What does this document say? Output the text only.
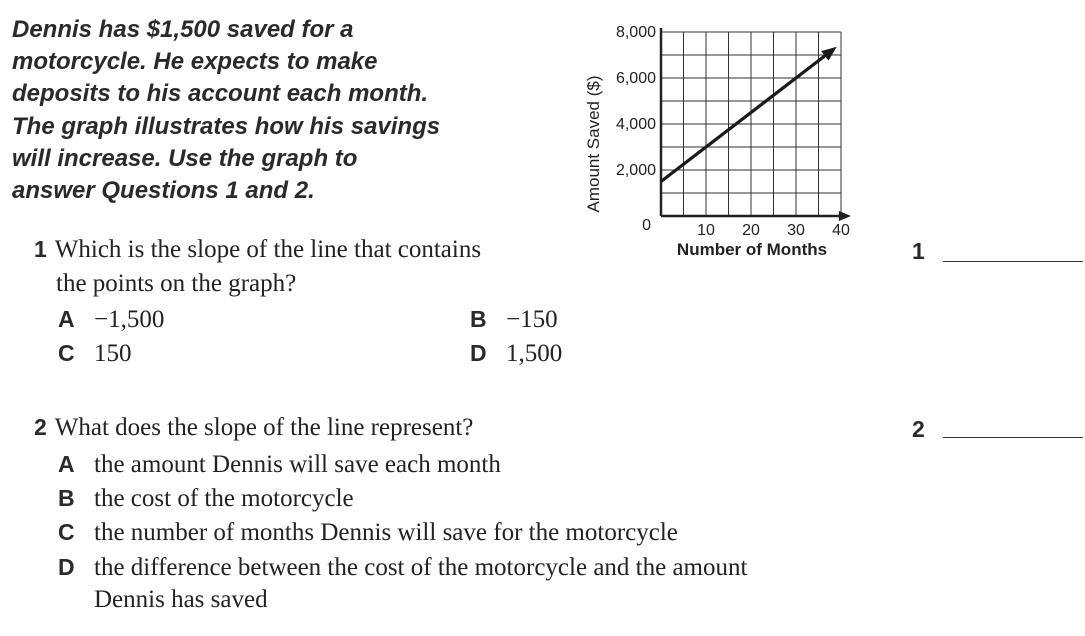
Dennis has $1,500 saved for a
motorcycle. He expects to make
deposits to his account each month.
The graph illustrates how his savings
will increase. Use the graph to
answer Questions 1 and 2.
10 20 30 40
2,000
4,000
6,000
8,000
0
Amount Saved ($)
Number of Months
1 Which is the slope of the line that contains
the points on the graph?
A −1,500	B −150
C 150	D 1,500
1
2 What does the slope of the line represent?
A the amount Dennis will save each month
B the cost of the motorcycle
C the number of months Dennis will save for the motorcycle
D the difference between the cost of the motorcycle and the amount
Dennis has saved
2
